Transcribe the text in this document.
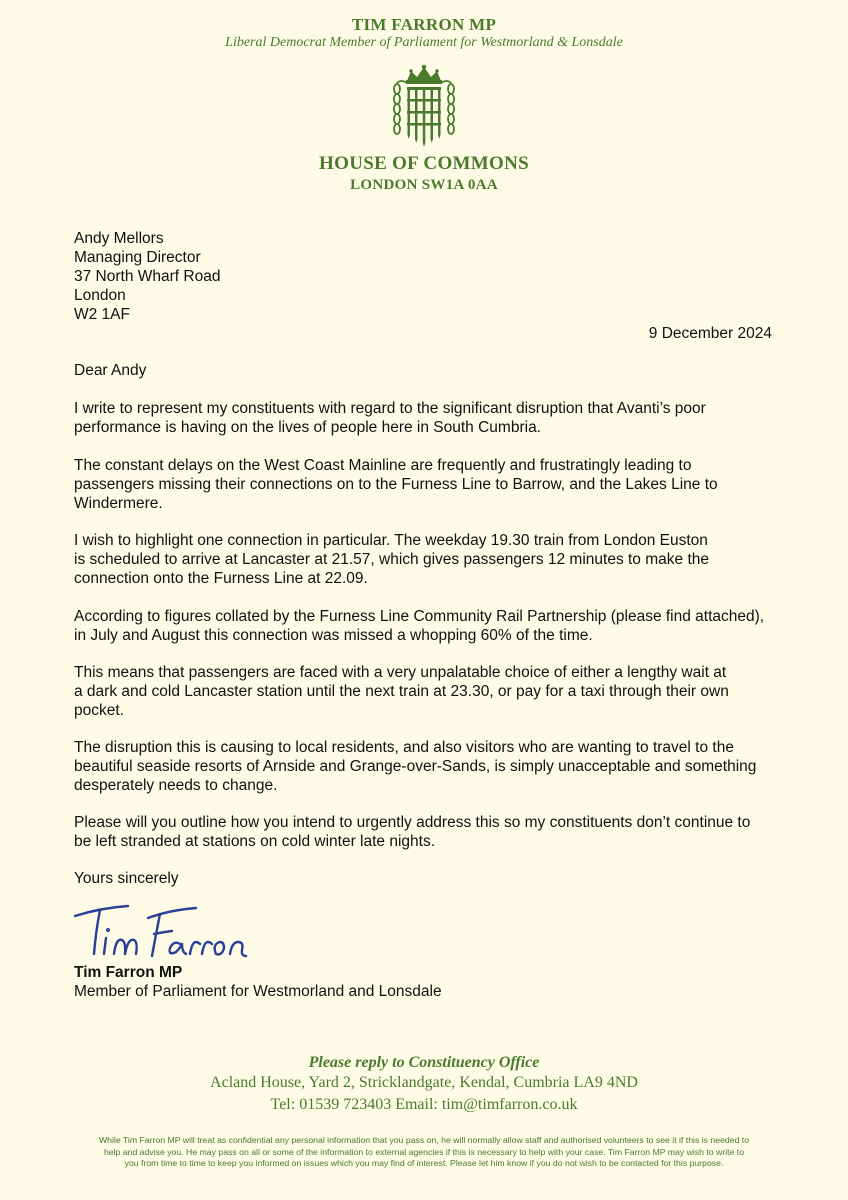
TIM FARRON MP
Liberal Democrat Member of Parliament for Westmorland & Lonsdale
HOUSE OF COMMONS
LONDON SW1A 0AA
Andy Mellors
Managing Director
37 North Wharf Road
London
W2 1AF
9 December 2024
Dear Andy
I write to represent my constituents with regard to the significant disruption that Avanti’s poor
performance is having on the lives of people here in South Cumbria.
The constant delays on the West Coast Mainline are frequently and frustratingly leading to
passengers missing their connections on to the Furness Line to Barrow, and the Lakes Line to
Windermere.
I wish to highlight one connection in particular. The weekday 19.30 train from London Euston
is scheduled to arrive at Lancaster at 21.57, which gives passengers 12 minutes to make the
connection onto the Furness Line at 22.09.
According to figures collated by the Furness Line Community Rail Partnership (please find attached),
in July and August this connection was missed a whopping 60% of the time.
This means that passengers are faced with a very unpalatable choice of either a lengthy wait at
a dark and cold Lancaster station until the next train at 23.30, or pay for a taxi through their own
pocket.
The disruption this is causing to local residents, and also visitors who are wanting to travel to the
beautiful seaside resorts of Arnside and Grange-over-Sands, is simply unacceptable and something
desperately needs to change.
Please will you outline how you intend to urgently address this so my constituents don’t continue to
be left stranded at stations on cold winter late nights.
Yours sincerely
Tim Farron MP
Member of Parliament for Westmorland and Lonsdale
Please reply to Constituency Office
Acland House, Yard 2, Stricklandgate, Kendal, Cumbria LA9 4ND
Tel: 01539 723403 Email: tim@timfarron.co.uk
While Tim Farron MP will treat as confidential any personal information that you pass on, he will normally allow staff and authorised volunteers to see it if this is needed to
help and advise you. He may pass on all or some of the information to external agencies if this is necessary to help with your case. Tim Farron MP may wish to write to
you from time to time to keep you informed on issues which you may find of interest. Please let him know if you do not wish to be contacted for this purpose.
